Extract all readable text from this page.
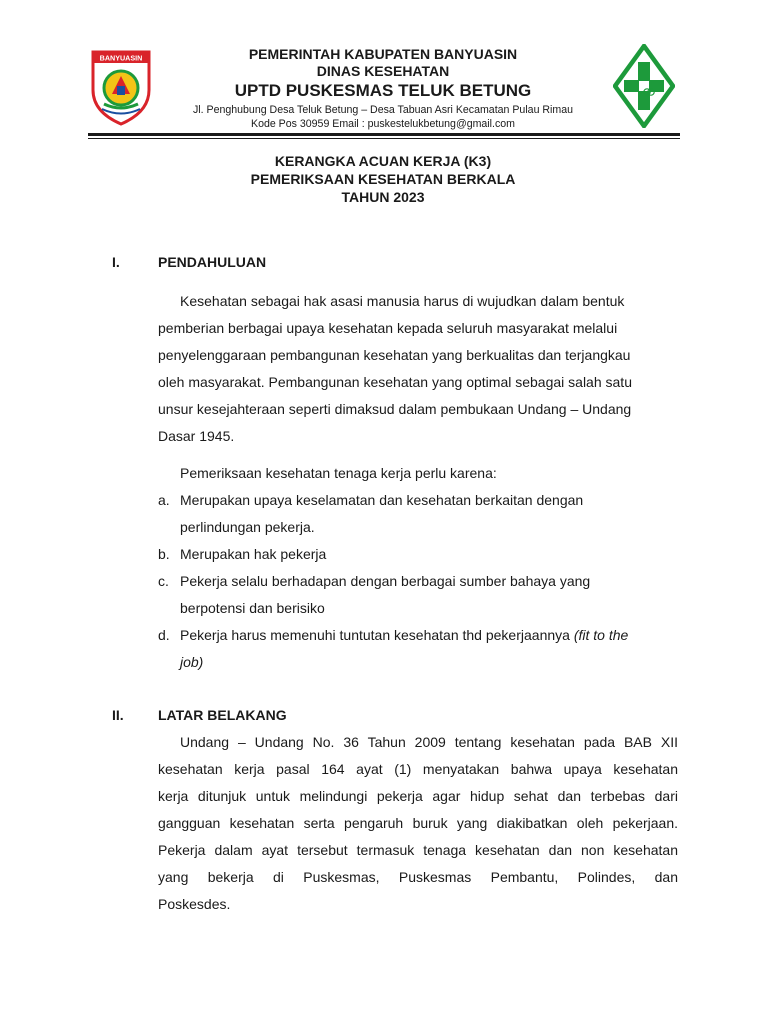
BANYUASIN	PEMERINTAH KABUPATEN BANYUASIN
DINAS KESEHATAN
UPTD PUSKESMAS TELUK BETUNG
Jl. Penghubung Desa Teluk Betung – Desa Tabuan Asri Kecamatan Pulau Rimau
Kode Pos 30959 Email : puskestelukbetung@gmail.com
KERANGKA ACUAN KERJA (K3)
PEMERIKSAAN KESEHATAN BERKALA
TAHUN 2023
I.	PENDAHULUAN
Kesehatan sebagai hak asasi manusia harus di wujudkan dalam bentuk
pemberian berbagai upaya kesehatan kepada seluruh masyarakat melalui
penyelenggaraan pembangunan kesehatan yang berkualitas dan terjangkau
oleh masyarakat. Pembangunan kesehatan yang optimal sebagai salah satu
unsur kesejahteraan seperti dimaksud dalam pembukaan Undang – Undang
Dasar 1945.
Pemeriksaan kesehatan tenaga kerja perlu karena:
a. Merupakan upaya keselamatan dan kesehatan berkaitan dengan
perlindungan pekerja.
b. Merupakan hak pekerja
c. Pekerja selalu berhadapan dengan berbagai sumber bahaya yang
berpotensi dan berisiko
d. Pekerja harus memenuhi tuntutan kesehatan thd pekerjaannya (fit to the
job)
II. LATAR BELAKANG
Undang – Undang No. 36 Tahun 2009 tentang kesehatan pada BAB XII
kesehatan kerja pasal 164 ayat (1) menyatakan bahwa upaya kesehatan
kerja ditunjuk untuk melindungi pekerja agar hidup sehat dan terbebas dari
gangguan kesehatan serta pengaruh buruk yang diakibatkan oleh pekerjaan.
Pekerja dalam ayat tersebut termasuk tenaga kesehatan dan non kesehatan
yang bekerja di Puskesmas, Puskesmas Pembantu, Polindes, dan
Poskesdes.
